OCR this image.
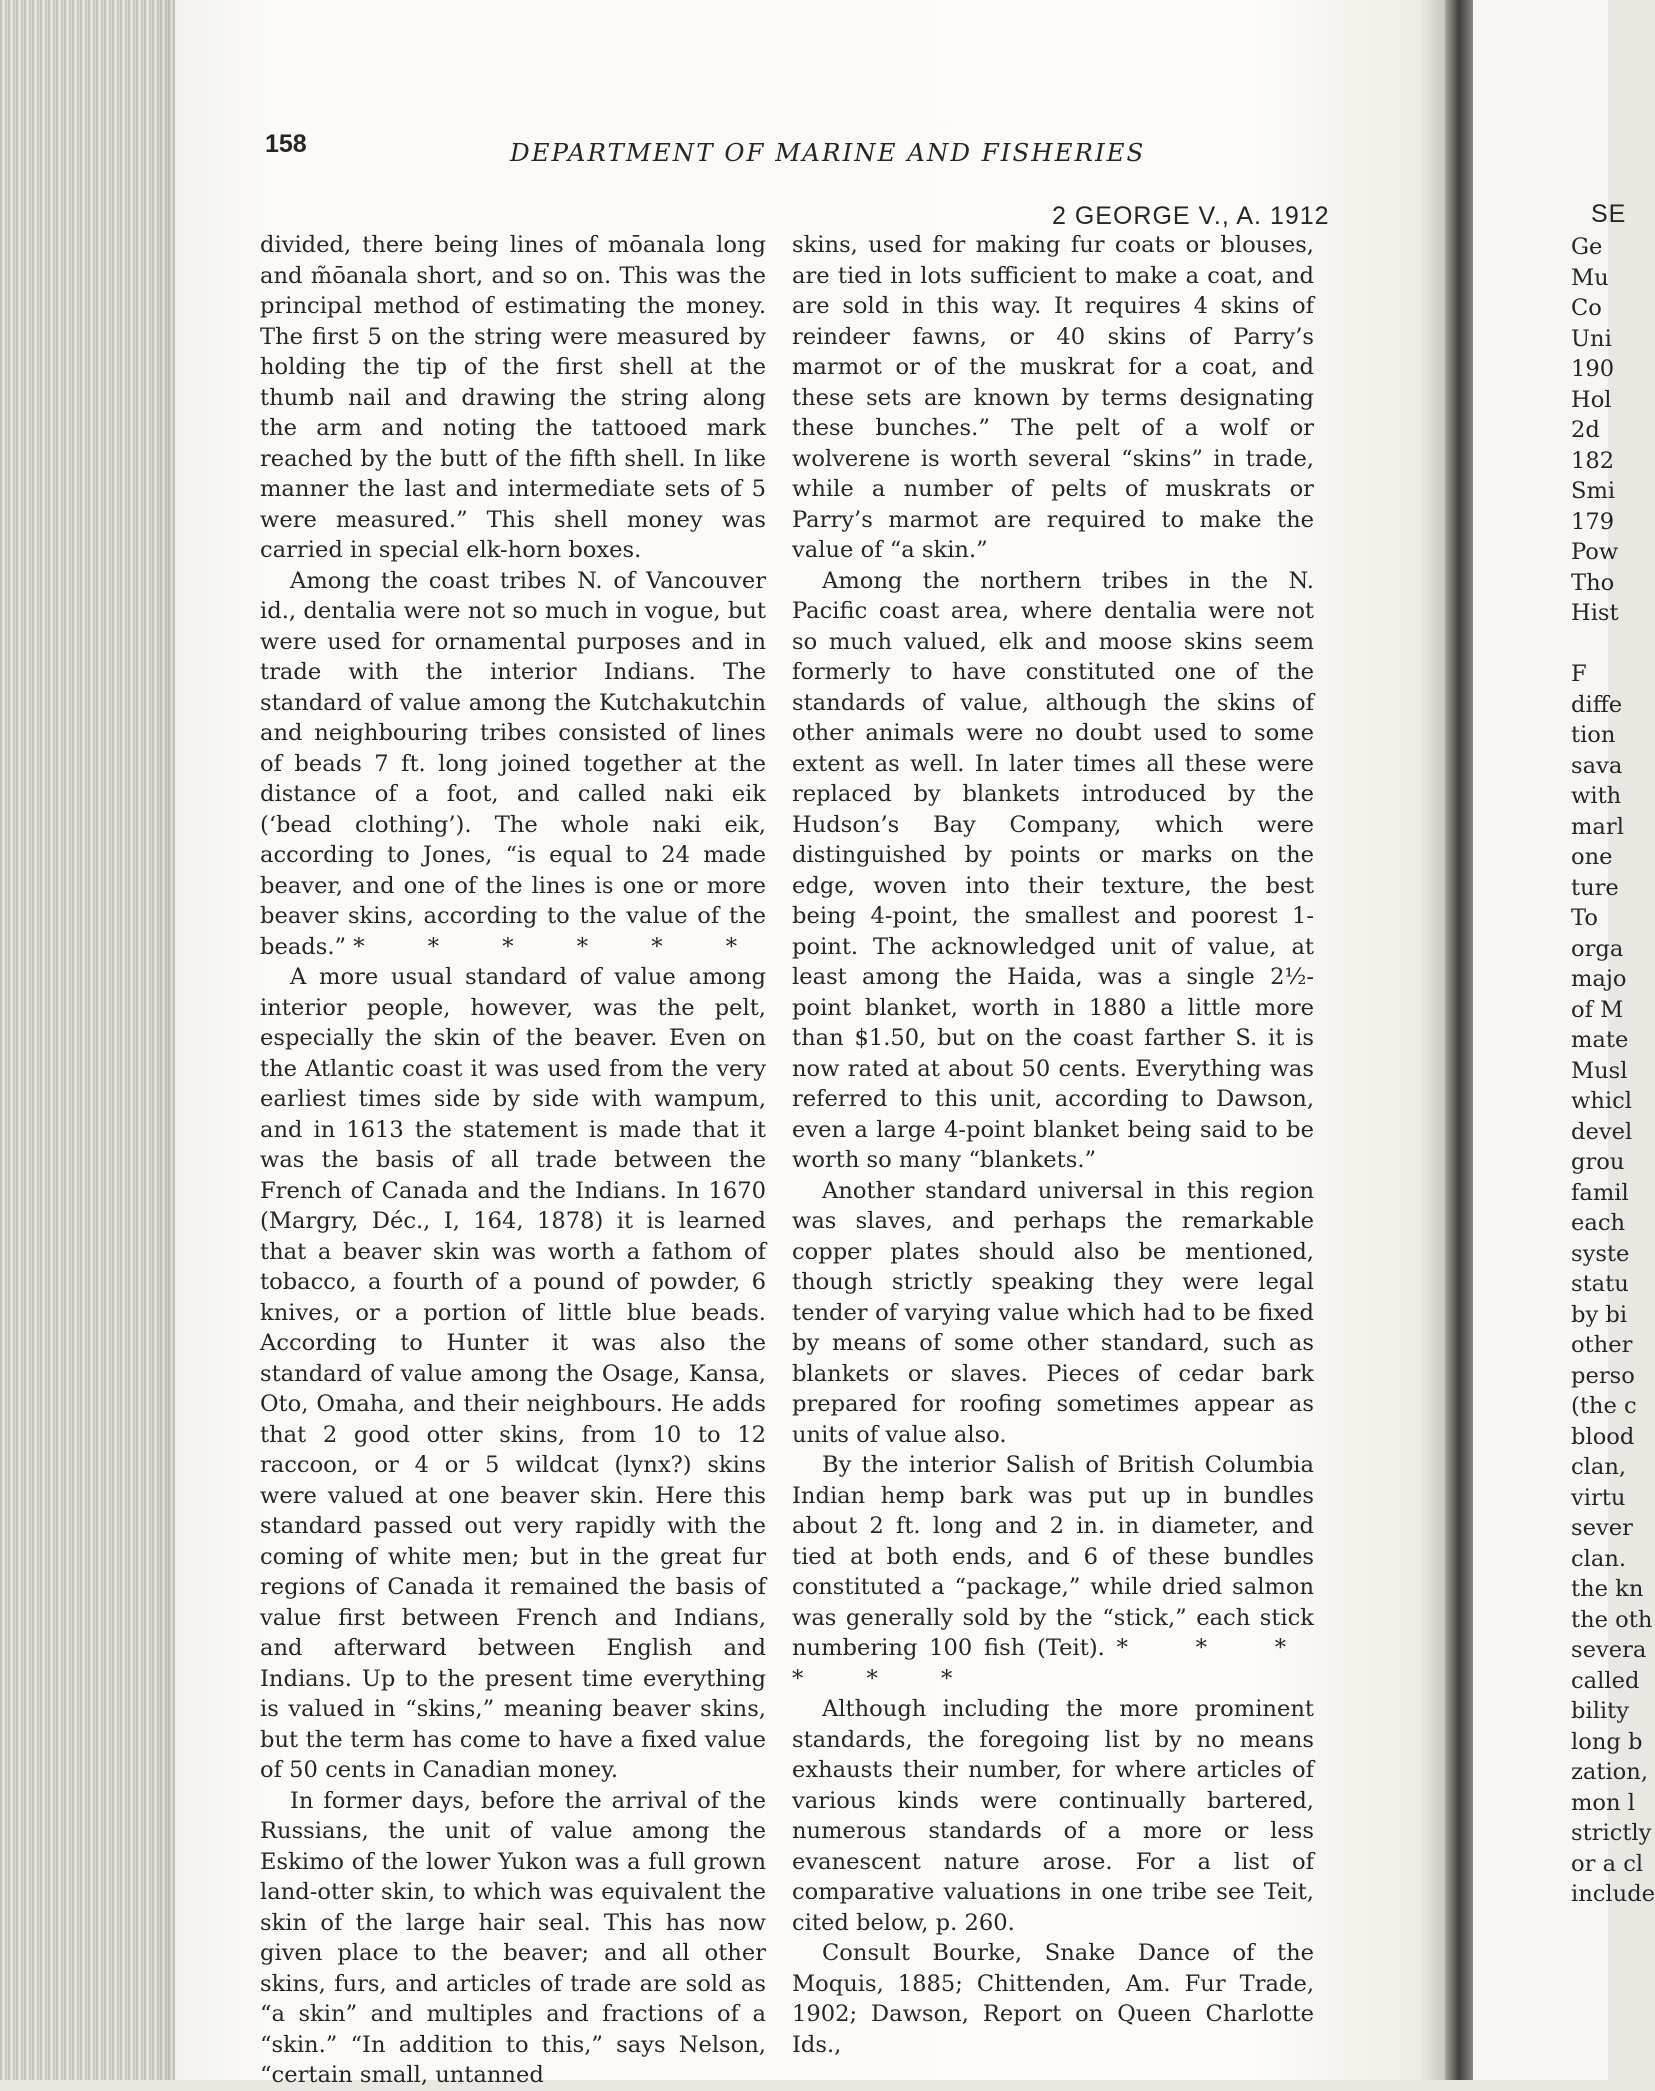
158	DEPARTMENT OF MARINE AND FISHERIES
2 GEORGE V., A. 1912

divided, there being lines of mōanala long and m̃ōanala short, and so on. This was the principal method of estimating the money. The first 5 on the string were measured by holding the tip of the first shell at the thumb nail and drawing the string along the arm and noting the tattooed mark reached by the butt of the fifth shell. In like manner the last and intermediate sets of 5 were measured.” This shell money was carried in special elk-horn boxes.

Among the coast tribes N. of Vancouver id., dentalia were not so much in vogue, but were used for ornamental purposes and in trade with the interior Indians. The standard of value among the Kutchakutchin and neighbouring tribes consisted of lines of beads 7 ft. long joined together at the distance of a foot, and called naki eik (‘bead clothing’). The whole naki eik, according to Jones, “is equal to 24 made beaver, and one of the lines is one or more beaver skins, according to the value of the beads.” * * * * * *

A more usual standard of value among interior people, however, was the pelt, especially the skin of the beaver. Even on the Atlantic coast it was used from the very earliest times side by side with wampum, and in 1613 the statement is made that it was the basis of all trade between the French of Canada and the Indians. In 1670 (Margry, Déc., I, 164, 1878) it is learned that a beaver skin was worth a fathom of tobacco, a fourth of a pound of powder, 6 knives, or a portion of little blue beads. According to Hunter it was also the standard of value among the Osage, Kansa, Oto, Omaha, and their neighbours. He adds that 2 good otter skins, from 10 to 12 raccoon, or 4 or 5 wildcat (lynx?) skins were valued at one beaver skin. Here this standard passed out very rapidly with the coming of white men; but in the great fur regions of Canada it remained the basis of value first between French and Indians, and afterward between English and Indians. Up to the present time everything is valued in “skins,” meaning beaver skins, but the term has come to have a fixed value of 50 cents in Canadian money.

In former days, before the arrival of the Russians, the unit of value among the Eskimo of the lower Yukon was a full grown land-otter skin, to which was equivalent the skin of the large hair seal. This has now given place to the beaver; and all other skins, furs, and articles of trade are sold as “a skin” and multiples and fractions of a “skin.” “In addition to this,” says Nelson, “certain small, untanned

skins, used for making fur coats or blouses, are tied in lots sufficient to make a coat, and are sold in this way. It requires 4 skins of reindeer fawns, or 40 skins of Parry’s marmot or of the muskrat for a coat, and these sets are known by terms designating these bunches.” The pelt of a wolf or wolverene is worth several “skins” in trade, while a number of pelts of muskrats or Parry’s marmot are required to make the value of “a skin.”

Among the northern tribes in the N. Pacific coast area, where dentalia were not so much valued, elk and moose skins seem formerly to have constituted one of the standards of value, although the skins of other animals were no doubt used to some extent as well. In later times all these were replaced by blankets introduced by the Hudson’s Bay Company, which were distinguished by points or marks on the edge, woven into their texture, the best being 4-point, the smallest and poorest 1-point. The acknowledged unit of value, at least among the Haida, was a single 2½-point blanket, worth in 1880 a little more than $1.50, but on the coast farther S. it is now rated at about 50 cents. Everything was referred to this unit, according to Dawson, even a large 4-point blanket being said to be worth so many “blankets.”

Another standard universal in this region was slaves, and perhaps the remarkable copper plates should also be mentioned, though strictly speaking they were legal tender of varying value which had to be fixed by means of some other standard, such as blankets or slaves. Pieces of cedar bark prepared for roofing sometimes appear as units of value also.

By the interior Salish of British Columbia Indian hemp bark was put up in bundles about 2 ft. long and 2 in. in diameter, and tied at both ends, and 6 of these bundles constituted a “package,” while dried salmon was generally sold by the “stick,” each stick numbering 100 fish (Teit). * * * * * *

Although including the more prominent standards, the foregoing list by no means exhausts their number, for where articles of various kinds were continually bartered, numerous standards of a more or less evanescent nature arose. For a list of comparative valuations in one tribe see Teit, cited below, p. 260.

Consult Bourke, Snake Dance of the Moquis, 1885; Chittenden, Am. Fur Trade, 1902; Dawson, Report on Queen Charlotte Ids.,

SE
Ge
Mu
Co
Uni
190
Hol
2d
182
Smi
179
Pow
Tho
Hist

F
diffe
tion
sava
with
marl
one
ture
To
orga
majo
of M
mate
Musl
whicl
devel
grou
famil
each
syste
statu
by bi
other
perso
(the c
blood
clan,
virtu
sever
clan.
the kn
the oth
severa
called
bility
long b
zation,
mon l
strictly
or a cl
include
